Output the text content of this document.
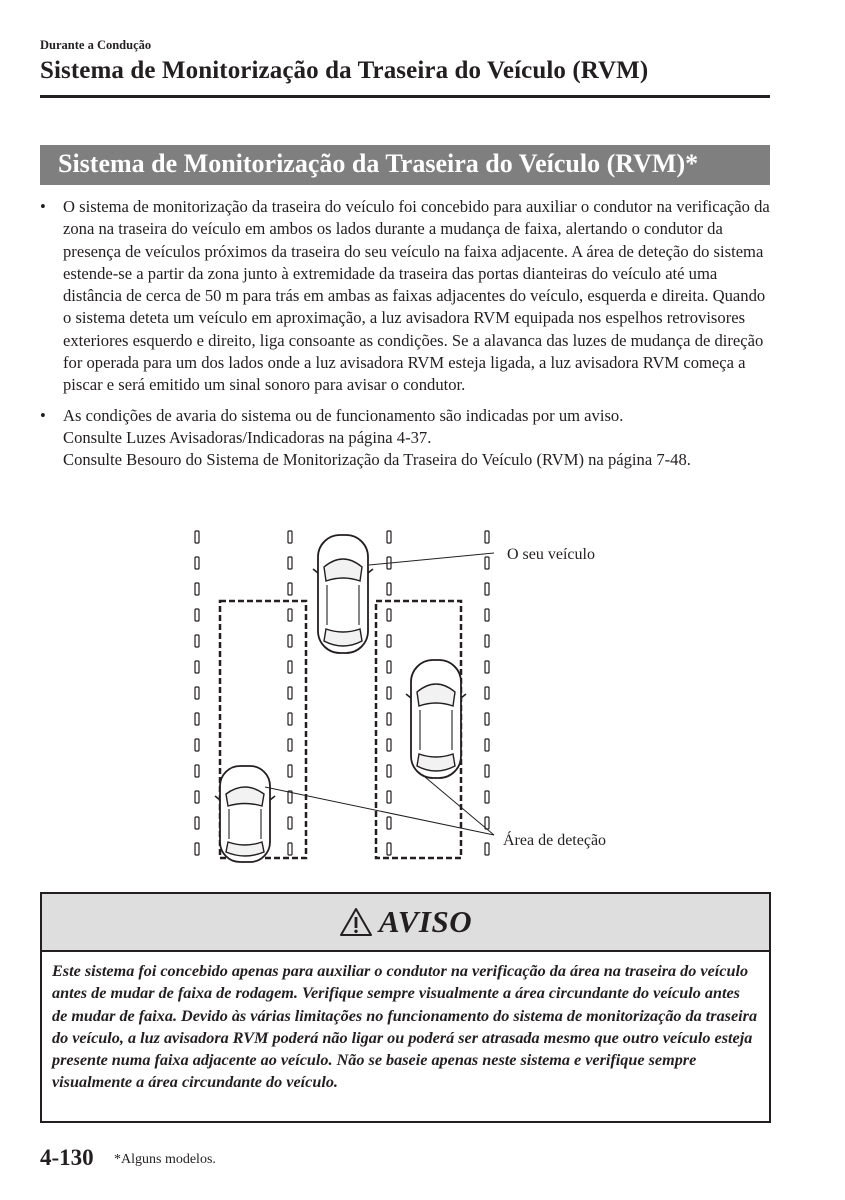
Durante a Condução
Sistema de Monitorização da Traseira do Veículo (RVM)
Sistema de Monitorização da Traseira do Veículo (RVM)*
• O sistema de monitorização da traseira do veículo foi concebido para auxiliar o condutor na verificação da zona na traseira do veículo em ambos os lados durante a mudança de faixa, alertando o condutor da presença de veículos próximos da traseira do seu veículo na faixa adjacente. A área de deteção do sistema estende-se a partir da zona junto à extremidade da traseira das portas dianteiras do veículo até uma distância de cerca de 50 m para trás em ambas as faixas adjacentes do veículo, esquerda e direita. Quando o sistema deteta um veículo em aproximação, a luz avisadora RVM equipada nos espelhos retrovisores exteriores esquerdo e direito, liga consoante as condições. Se a alavanca das luzes de mudança de direção for operada para um dos lados onde a luz avisadora RVM esteja ligada, a luz avisadora RVM começa a piscar e será emitido um sinal sonoro para avisar o condutor.

• As condições de avaria do sistema ou de funcionamento são indicadas por um aviso.

Consulte Luzes Avisadoras/Indicadoras na página 4-37.

Consulte Besouro do Sistema de Monitorização da Traseira do Veículo (RVM) na página 7-48.

O seu veículo
Área de deteção
AVISO

Este sistema foi concebido apenas para auxiliar o condutor na verificação da área na traseira do veículo antes de mudar de faixa de rodagem. Verifique sempre visualmente a área circundante do veículo antes de mudar de faixa. Devido às várias limitações no funcionamento do sistema de monitorização da traseira do veículo, a luz avisadora RVM poderá não ligar ou poderá ser atrasada mesmo que outro veículo esteja presente numa faixa adjacente ao veículo. Não se baseie apenas neste sistema e verifique sempre visualmente a área circundante do veículo.

4-130 *Alguns modelos.
